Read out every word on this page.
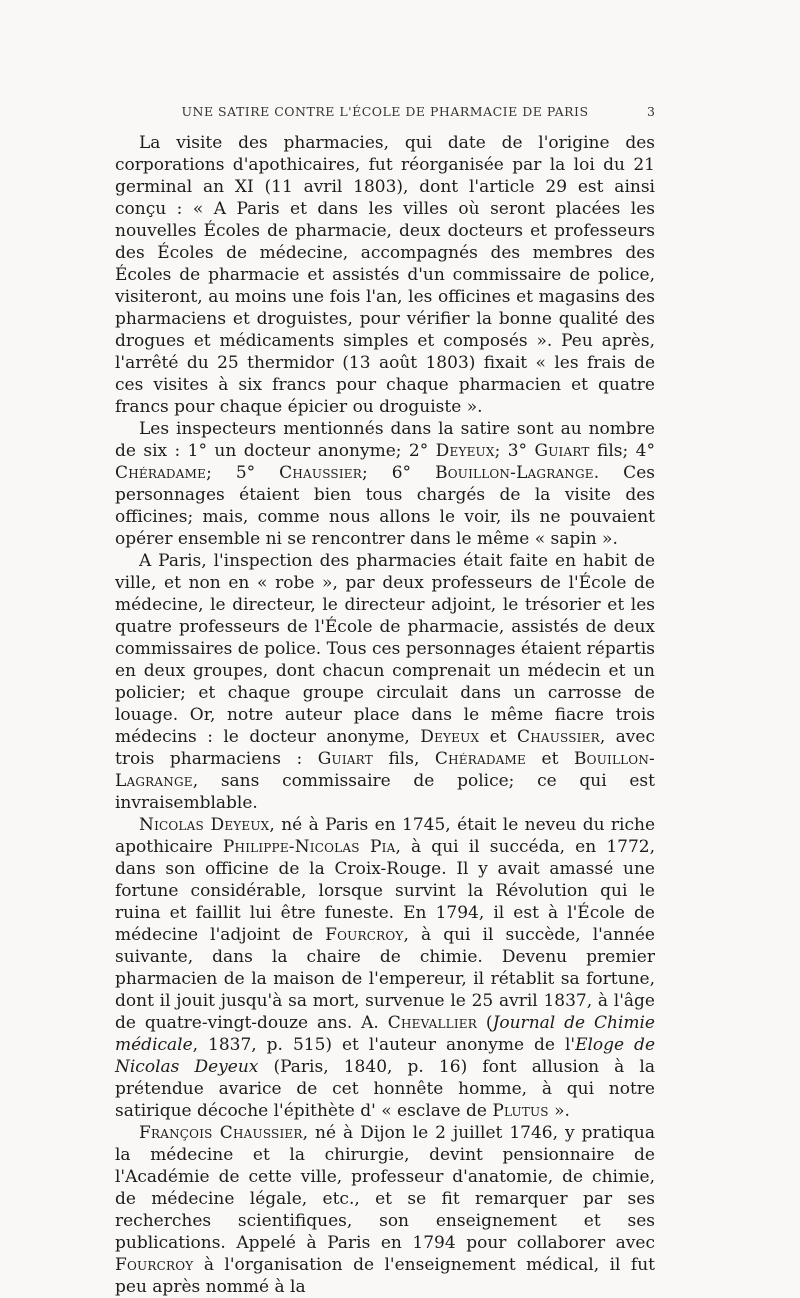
UNE SATIRE CONTRE L'ÉCOLE DE PHARMACIE DE PARIS	3

La visite des pharmacies, qui date de l'origine des corporations d'apothicaires, fut réorganisée par la loi du 21 germinal an XI (11 avril 1803), dont l'article 29 est ainsi conçu : « A Paris et dans les villes où seront placées les nouvelles Écoles de pharmacie, deux docteurs et professeurs des Écoles de médecine, accompagnés des membres des Écoles de pharmacie et assistés d'un commissaire de police, visiteront, au moins une fois l'an, les officines et magasins des pharmaciens et droguistes, pour vérifier la bonne qualité des drogues et médicaments simples et composés ». Peu après, l'arrêté du 25 thermidor (13 août 1803) fixait « les frais de ces visites à six francs pour chaque pharmacien et quatre francs pour chaque épicier ou droguiste ».

Les inspecteurs mentionnés dans la satire sont au nombre de six : 1° un docteur anonyme; 2° Deyeux; 3° Guiart fils; 4° Chéradame; 5° Chaussier; 6° Bouillon-Lagrange. Ces personnages étaient bien tous chargés de la visite des officines; mais, comme nous allons le voir, ils ne pouvaient opérer ensemble ni se rencontrer dans le même « sapin ».

A Paris, l'inspection des pharmacies était faite en habit de ville, et non en « robe », par deux professeurs de l'École de médecine, le directeur, le directeur adjoint, le trésorier et les quatre professeurs de l'École de pharmacie, assistés de deux commissaires de police. Tous ces personnages étaient répartis en deux groupes, dont chacun comprenait un médecin et un policier; et chaque groupe circulait dans un carrosse de louage. Or, notre auteur place dans le même fiacre trois médecins : le docteur anonyme, Deyeux et Chaussier, avec trois pharmaciens : Guiart fils, Chéradame et Bouillon-Lagrange, sans commissaire de police; ce qui est invraisemblable.

Nicolas Deyeux, né à Paris en 1745, était le neveu du riche apothicaire Philippe-Nicolas Pia, à qui il succéda, en 1772, dans son officine de la Croix-Rouge. Il y avait amassé une fortune considérable, lorsque survint la Révolution qui le ruina et faillit lui être funeste. En 1794, il est à l'École de médecine l'adjoint de Fourcroy, à qui il succède, l'année suivante, dans la chaire de chimie. Devenu premier pharmacien de la maison de l'empereur, il rétablit sa fortune, dont il jouit jusqu'à sa mort, survenue le 25 avril 1837, à l'âge de quatre-vingt-douze ans. A. Chevallier (Journal de Chimie médicale, 1837, p. 515) et l'auteur anonyme de l'Eloge de Nicolas Deyeux (Paris, 1840, p. 16) font allusion à la prétendue avarice de cet honnête homme, à qui notre satirique décoche l'épithète d' « esclave de Plutus ».

François Chaussier, né à Dijon le 2 juillet 1746, y pratiqua la médecine et la chirurgie, devint pensionnaire de l'Académie de cette ville, professeur d'anatomie, de chimie, de médecine légale, etc., et se fit remarquer par ses recherches scientifiques, son enseignement et ses publications. Appelé à Paris en 1794 pour collaborer avec Fourcroy à l'organisation de l'enseignement médical, il fut peu après nommé à la
